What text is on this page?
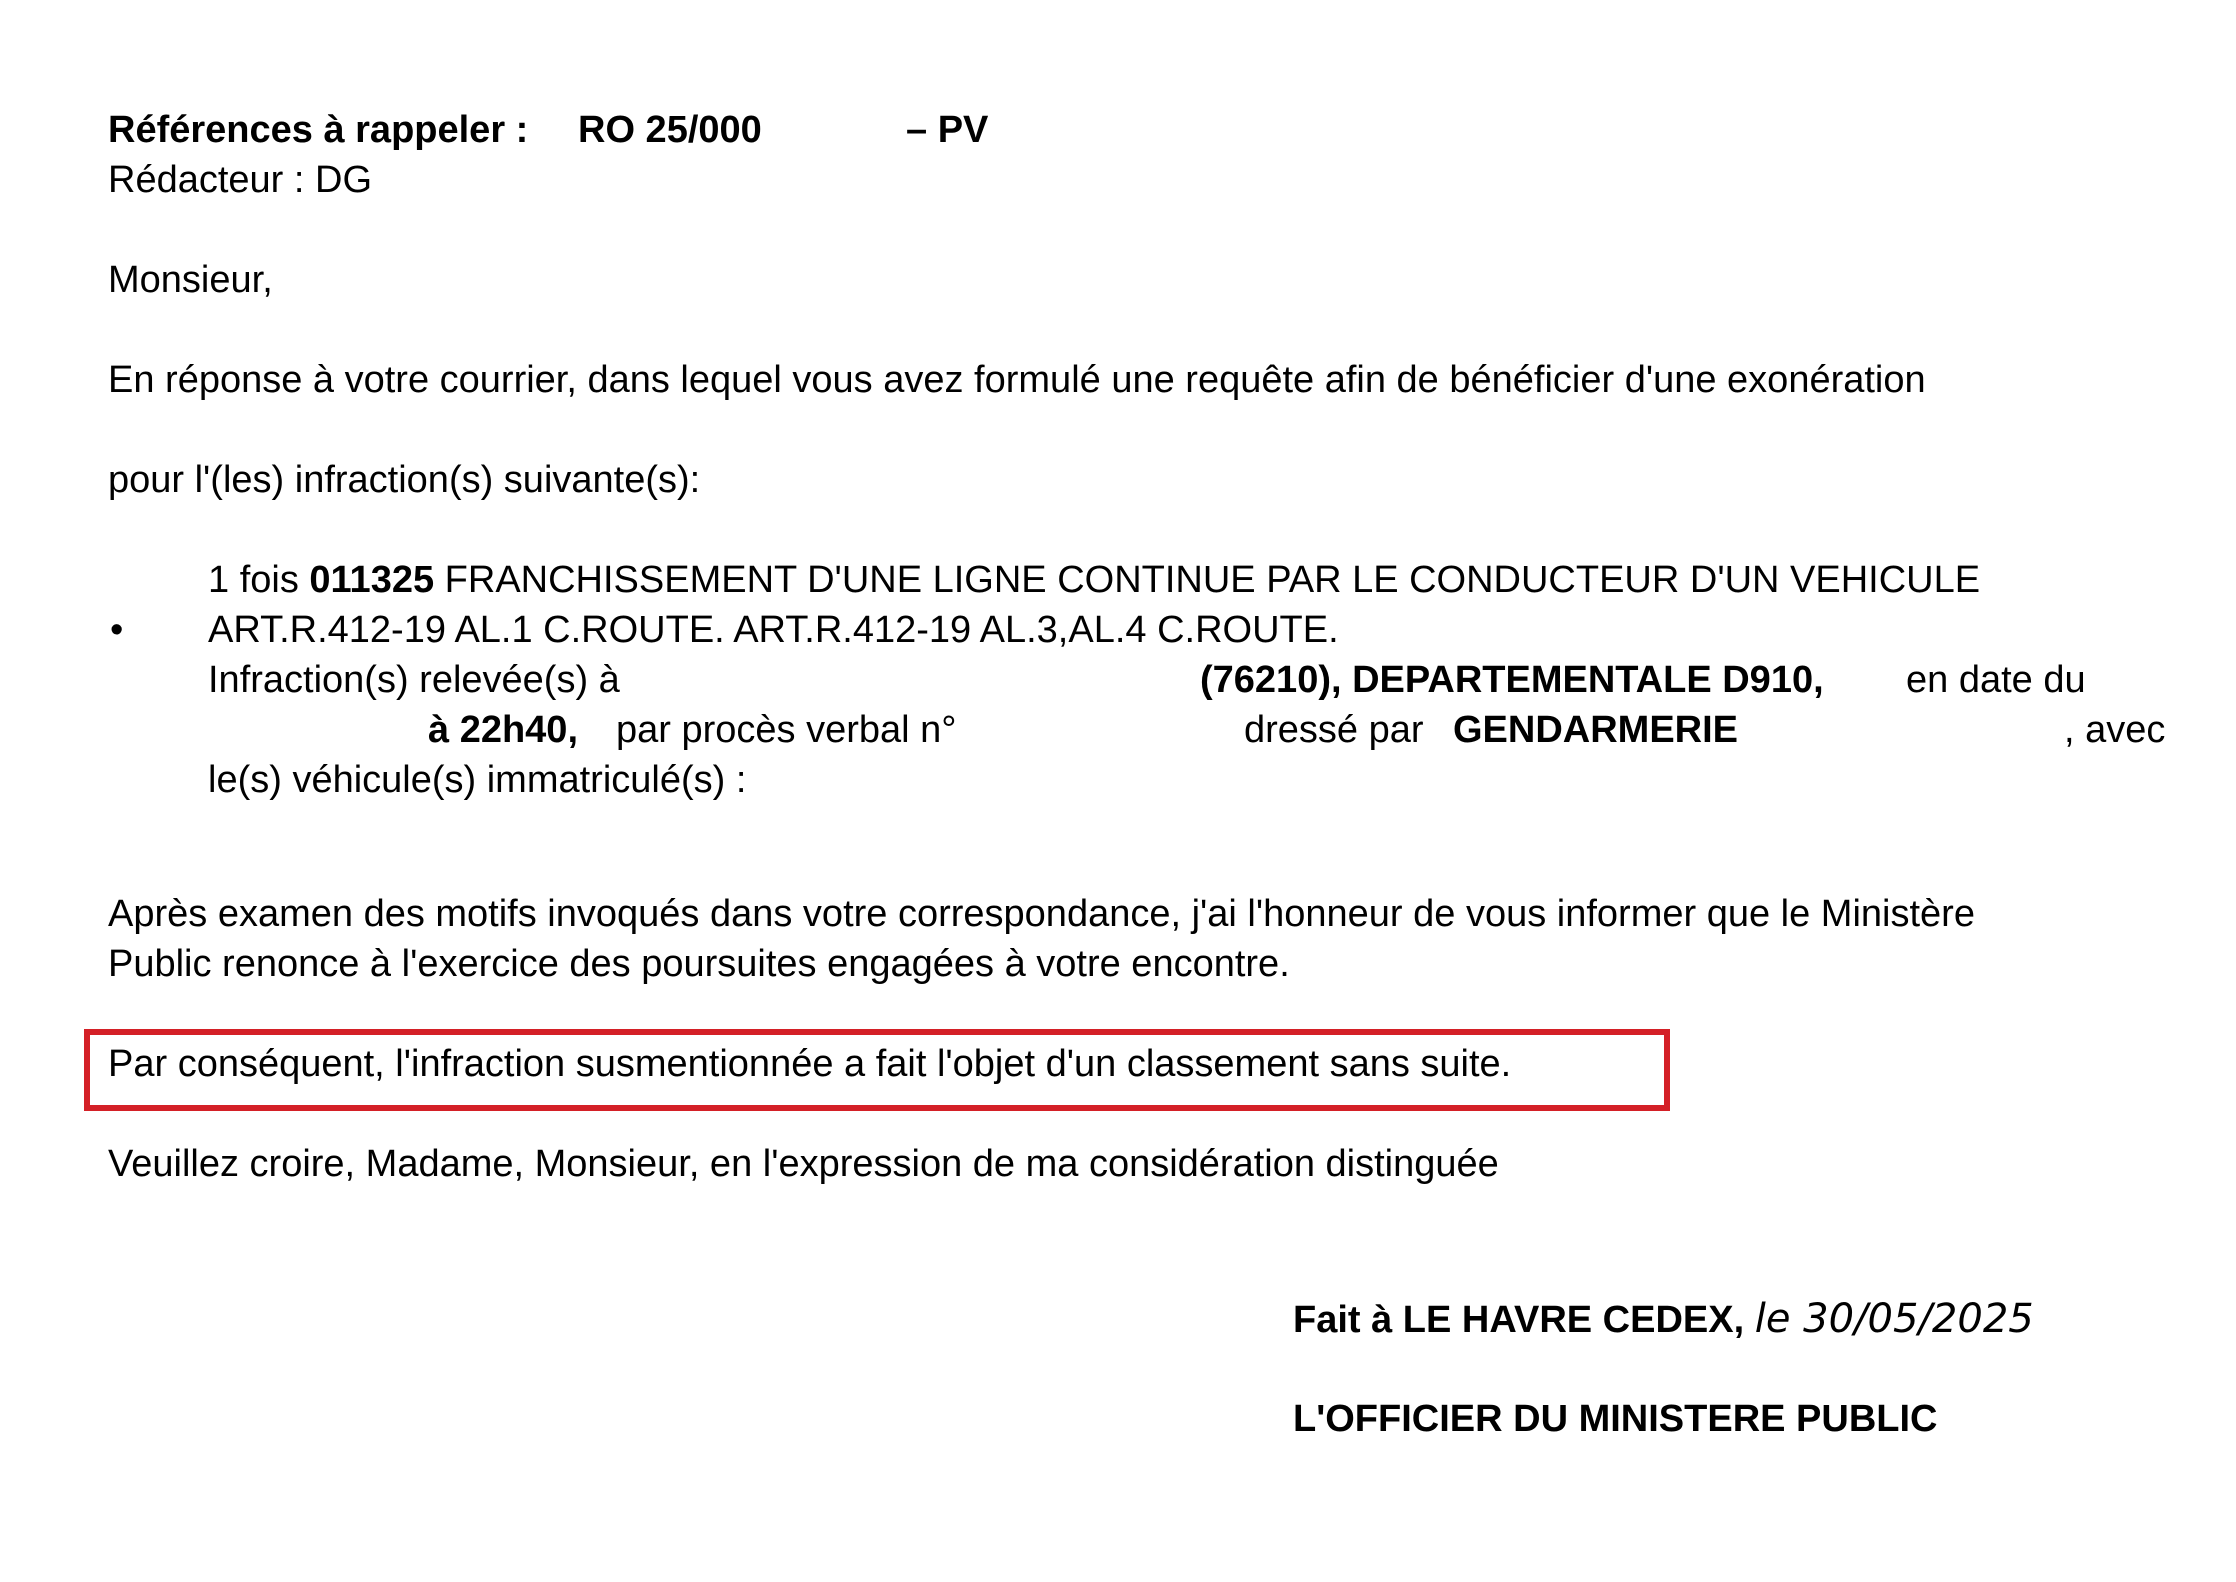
Références à rappeler : RO 25/000	– PV
Rédacteur : DG
Monsieur,
En réponse à votre courrier, dans lequel vous avez formulé une requête afin de bénéficier d'une exonération
pour l'(les) infraction(s) suivante(s):
•
1 fois 011325 FRANCHISSEMENT D'UNE LIGNE CONTINUE PAR LE CONDUCTEUR D'UN VEHICULE
ART.R.412-19 AL.1 C.ROUTE. ART.R.412-19 AL.3,AL.4 C.ROUTE.
Infraction(s) relevée(s) à	(76210), DEPARTEMENTALE D910, en date du
à 22h40, par procès verbal n°	dressé par GENDARMERIE	, avec
le(s) véhicule(s) immatriculé(s) :
Après examen des motifs invoqués dans votre correspondance, j'ai l'honneur de vous informer que le Ministère
Public renonce à l'exercice des poursuites engagées à votre encontre.
Par conséquent, l'infraction susmentionnée a fait l'objet d'un classement sans suite.
Veuillez croire, Madame, Monsieur, en l'expression de ma considération distinguée
Fait à LE HAVRE CEDEX, le 30/05/2025
L'OFFICIER DU MINISTERE PUBLIC
